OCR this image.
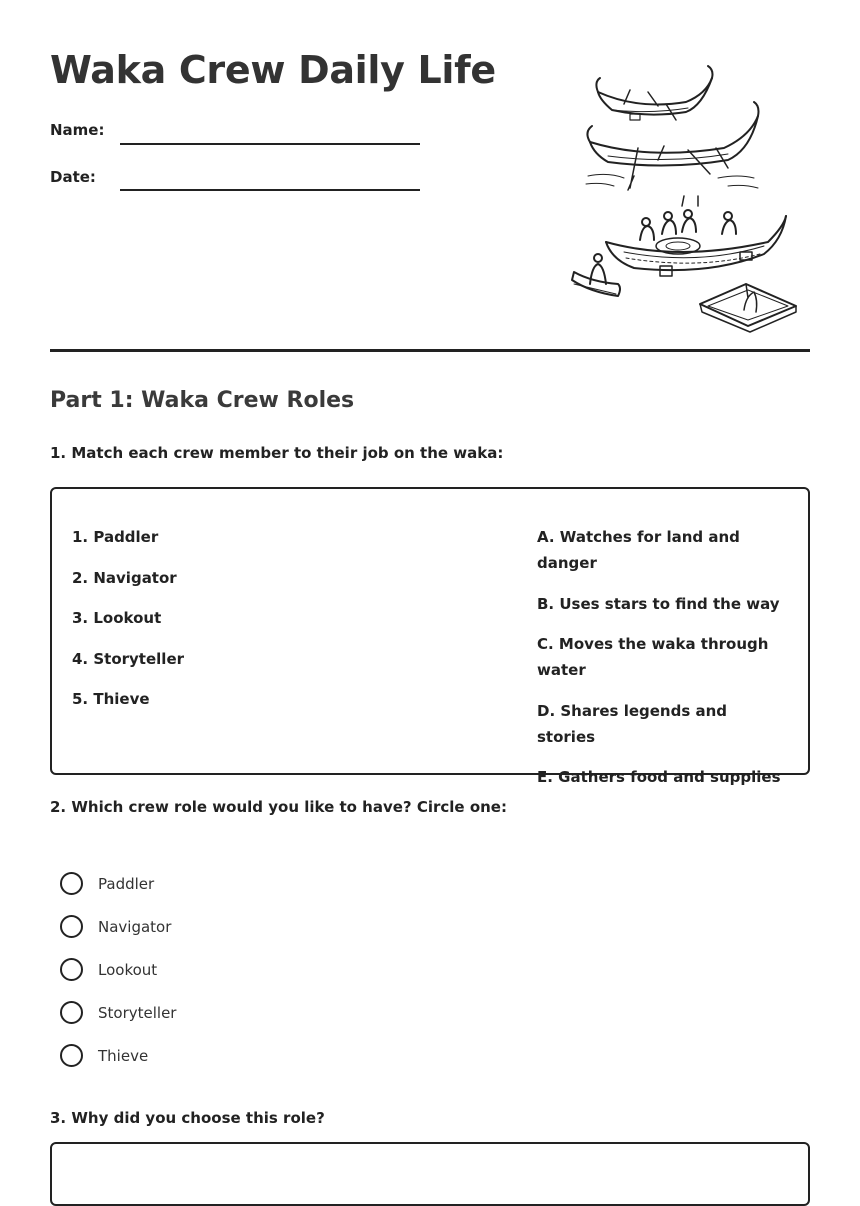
Waka Crew Daily Life
Name:
Date:
Part 1: Waka Crew Roles
1. Match each crew member to their job on the waka:
1. Paddler
2. Navigator
3. Lookout
4. Storyteller
5. Thieve
A. Watches for land and danger
B. Uses stars to find the way
C. Moves the waka through water
D. Shares legends and stories
E. Gathers food and supplies
2. Which crew role would you like to have? Circle one:
Paddler
Navigator
Lookout
Storyteller
Thieve
3. Why did you choose this role?
